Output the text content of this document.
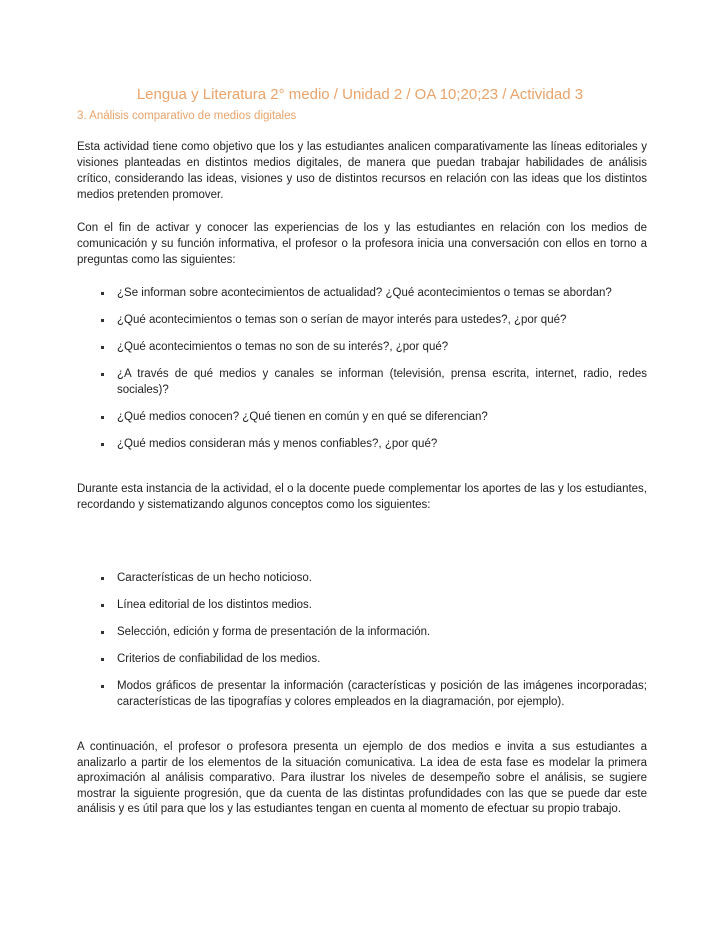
Lengua y Literatura 2° medio / Unidad 2 / OA 10;20;23 / Actividad 3
3. Análisis comparativo de medios digitales
Esta actividad tiene como objetivo que los y las estudiantes analicen comparativamente las líneas editoriales y visiones planteadas en distintos medios digitales, de manera que puedan trabajar habilidades de análisis crítico, considerando las ideas, visiones y uso de distintos recursos en relación con las ideas que los distintos medios pretenden promover.
Con el fin de activar y conocer las experiencias de los y las estudiantes en relación con los medios de comunicación y su función informativa, el profesor o la profesora inicia una conversación con ellos en torno a preguntas como las siguientes:
¿Se informan sobre acontecimientos de actualidad? ¿Qué acontecimientos o temas se abordan?
¿Qué acontecimientos o temas son o serían de mayor interés para ustedes?, ¿por qué?
¿Qué acontecimientos o temas no son de su interés?, ¿por qué?
¿A través de qué medios y canales se informan (televisión, prensa escrita, internet, radio, redes sociales)?
¿Qué medios conocen? ¿Qué tienen en común y en qué se diferencian?
¿Qué medios consideran más y menos confiables?, ¿por qué?
Durante esta instancia de la actividad, el o la docente puede complementar los aportes de las y los estudiantes, recordando y sistematizando algunos conceptos como los siguientes:
Características de un hecho noticioso.
Línea editorial de los distintos medios.
Selección, edición y forma de presentación de la información.
Criterios de confiabilidad de los medios.
Modos gráficos de presentar la información (características y posición de las imágenes incorporadas; características de las tipografías y colores empleados en la diagramación, por ejemplo).
A continuación, el profesor o profesora presenta un ejemplo de dos medios e invita a sus estudiantes a analizarlo a partir de los elementos de la situación comunicativa. La idea de esta fase es modelar la primera aproximación al análisis comparativo. Para ilustrar los niveles de desempeño sobre el análisis, se sugiere mostrar la siguiente progresión, que da cuenta de las distintas profundidades con las que se puede dar este análisis y es útil para que los y las estudiantes tengan en cuenta al momento de efectuar su propio trabajo.
